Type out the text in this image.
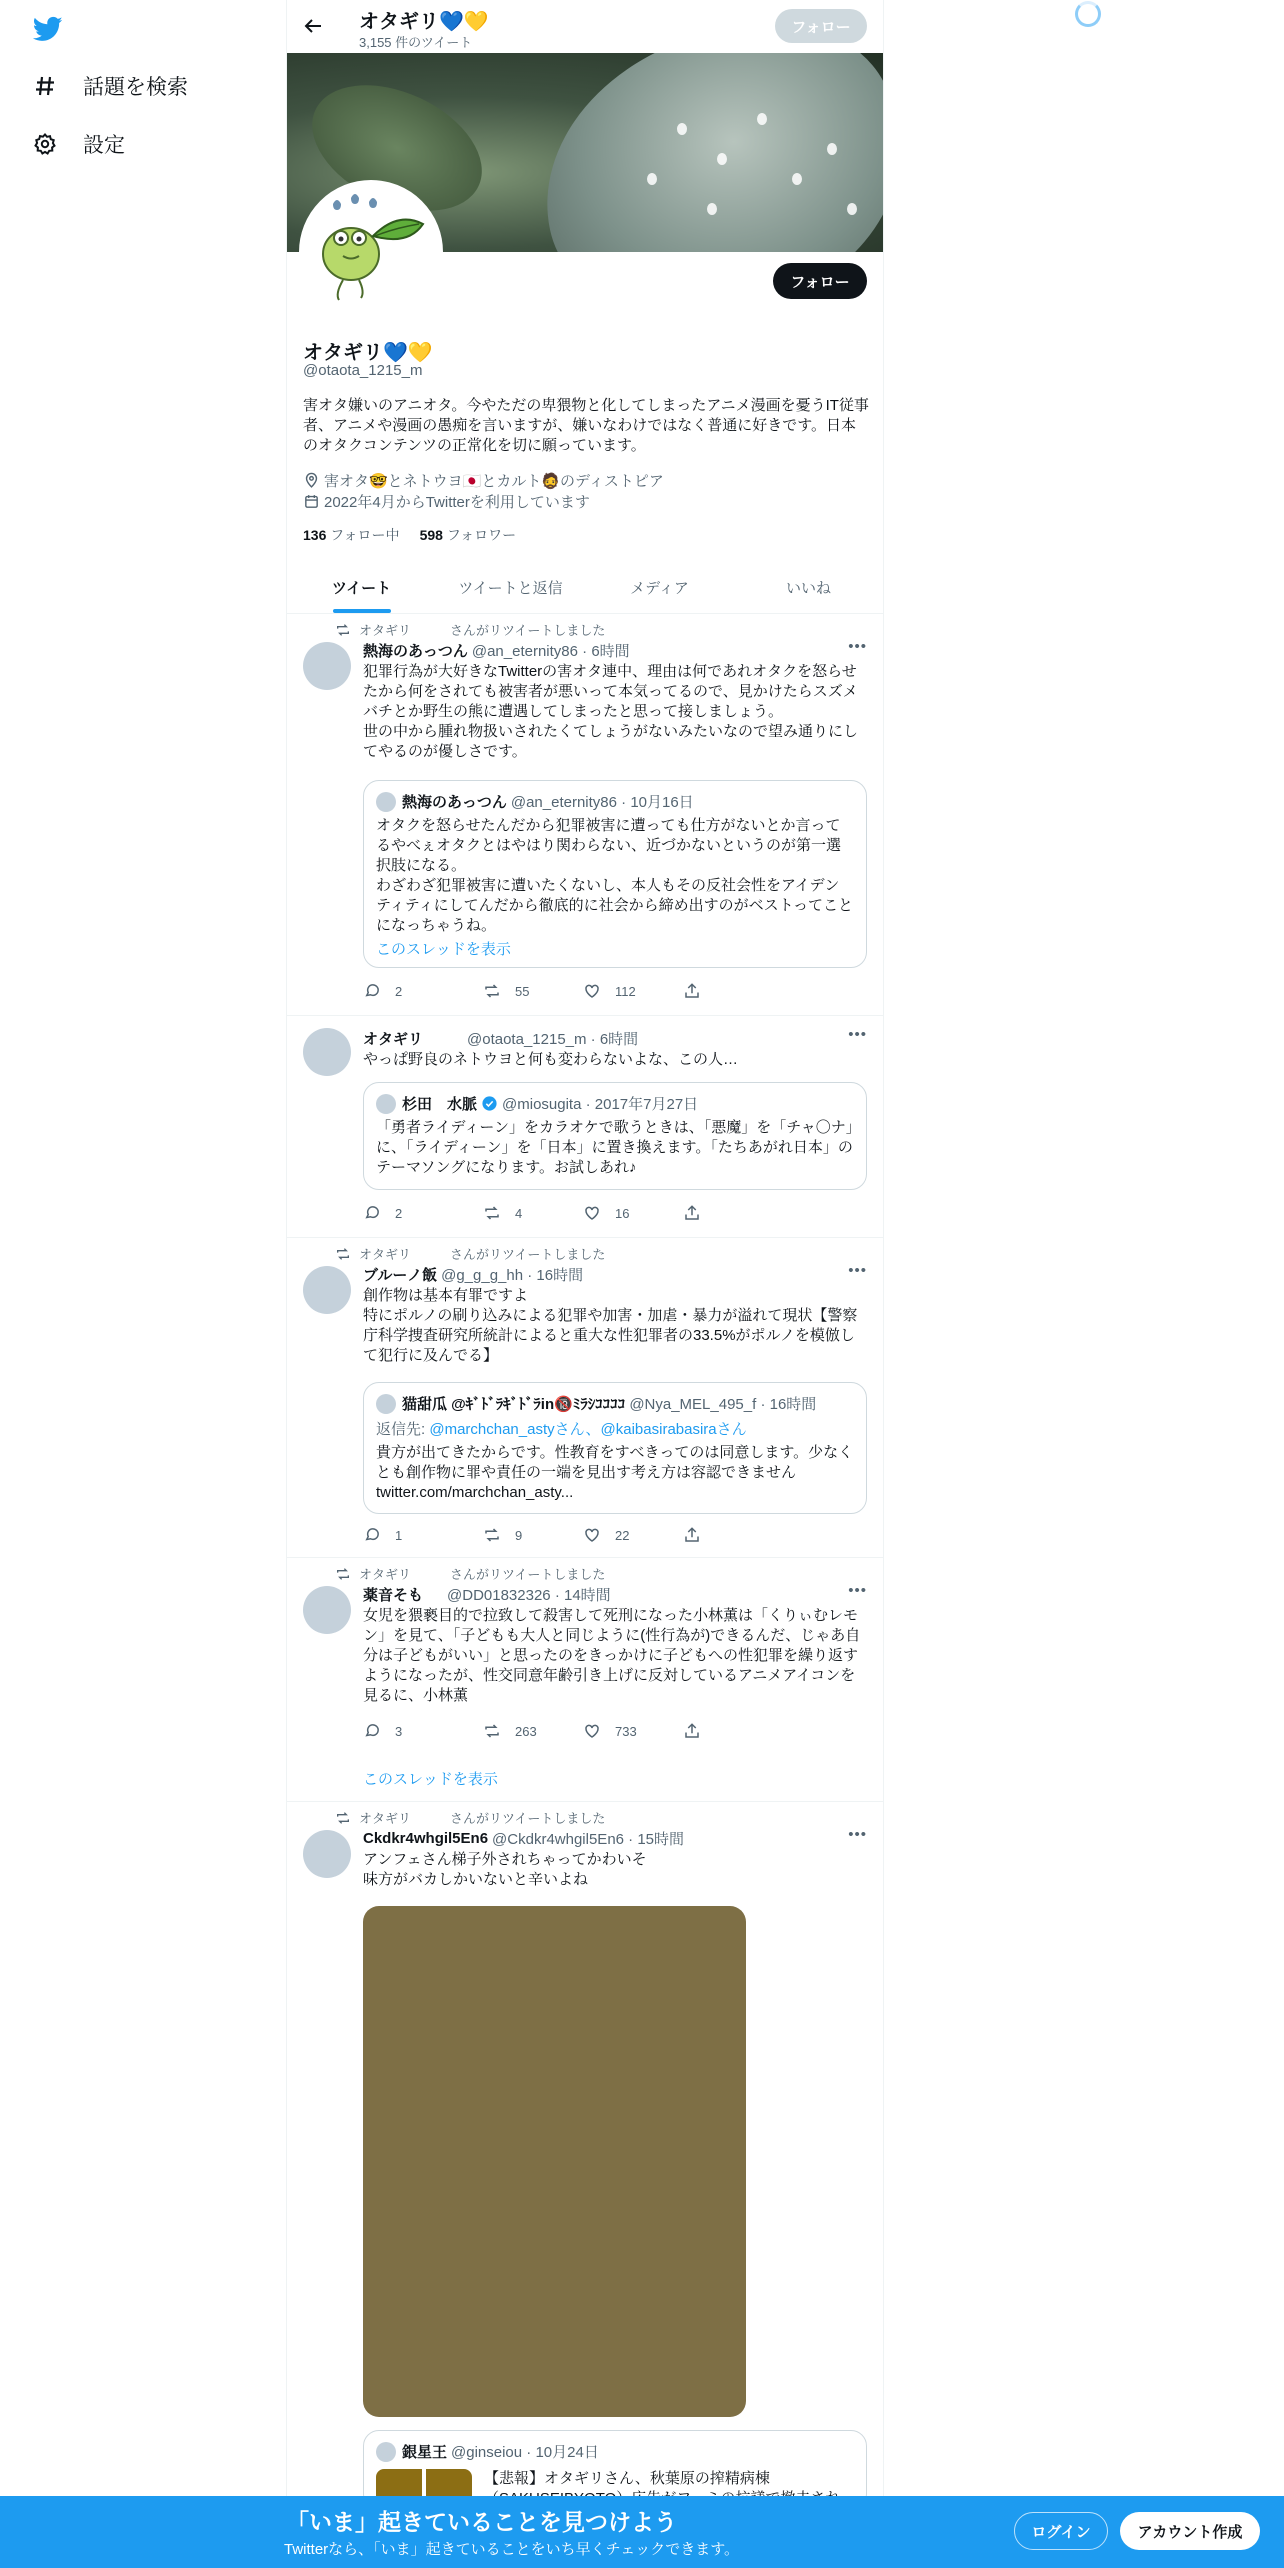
話題を検索
設定
オタギリ💙💛
3,155 件のツイート
フォロー
フォロー
オタギリ💙💛
@otaota_1215_m
害オタ嫌いのアニオタ。今やただの卑猥物と化してしまったアニメ漫画を憂うIT従事者、アニメや漫画の愚痴を言いますが、嫌いなわけではなく普通に好きです。日本のオタクコンテンツの正常化を切に願っています。
害オタ🤓とネトウヨ🇯🇵とカルト🧔のディストピア
2022年4月からTwitterを利用しています
136 フォロー中 598 フォロワー
ツイート	ツイートと返信	メディア	いいね
オタギリ　　　さんがリツイートしました
熱海のあっつん @an_eternity86 · 6時間	•••
犯罪行為が大好きなTwitterの害オタ連中、理由は何であれオタクを怒らせたから何をされても被害者が悪いって本気ってるので、見かけたらスズメバチとか野生の熊に遭遇してしまったと思って接しましょう。
世の中から腫れ物扱いされたくてしょうがないみたいなので望み通りにしてやるのが優しさです。
熱海のあっつん @an_eternity86 · 10月16日
オタクを怒らせたんだから犯罪被害に遭っても仕方がないとか言ってるやべぇオタクとはやはり関わらない、近づかないというのが第一選択肢になる。
わざわざ犯罪被害に遭いたくないし、本人もその反社会性をアイデンティティにしてんだから徹底的に社会から締め出すのがベストってことになっちゃうね。
このスレッドを表示
2	55	112
オタギリ	@otaota_1215_m · 6時間	•••
やっぱ野良のネトウヨと何も変わらないよな、この人…
杉田　水脈 @miosugita · 2017年7月27日
「勇者ライディーン」をカラオケで歌うときは、「悪魔」を「チャ〇ナ」に、「ライディーン」を「日本」に置き換えます。「たちあがれ日本」のテーマソングになります。お試しあれ♪
2	4	16
オタギリ　　　さんがリツイートしました
ブルーノ飯 @g_g_g_hh · 16時間	•••
創作物は基本有罪ですよ
特にポルノの刷り込みによる犯罪や加害・加虐・暴力が溢れて現状【警察庁科学捜査研究所統計によると重大な性犯罪者の33.5%がポルノを模倣して犯行に及んでる】
猫甜瓜 @ｷﾞﾄﾞﾗｷﾞﾄﾞﾗin🔞ﾐﾗｼｺｺｺｺ @Nya_MEL_495_f · 16時間
返信先: @marchchan_astyさん、@kaibasirabasiraさん
貴方が出てきたからです。性教育をすべきってのは同意します。少なくとも創作物に罪や責任の一端を見出す考え方は容認できません
twitter.com/marchchan_asty...
1	9	22
オタギリ　　　さんがリツイートしました
薬音そも @DD01832326 · 14時間	•••
女児を猥褻目的で拉致して殺害して死刑になった小林薫は「くりぃむレモン」を見て、「子どもも大人と同じように(性行為が)できるんだ、じゃあ自分は子どもがいい」と思ったのをきっかけに子どもへの性犯罪を繰り返すようになったが、性交同意年齢引き上げに反対しているアニメアイコンを見るに、小林薫
3	263	733
このスレッドを表示
オタギリ　　　さんがリツイートしました
Ckdkr4whgil5En6 @Ckdkr4whgil5En6 · 15時間	•••
アンフェさん梯子外されちゃってかわいそ
味方がバカしかいないと辛いよね
銀星王 @ginseiou · 10月24日
【悲報】オタギリさん、秋葉原の搾精病棟
「いま」起きていることを見つけよう
Twitterなら、「いま」起きていることをいち早くチェックできます。
ログイン	アカウント作成
